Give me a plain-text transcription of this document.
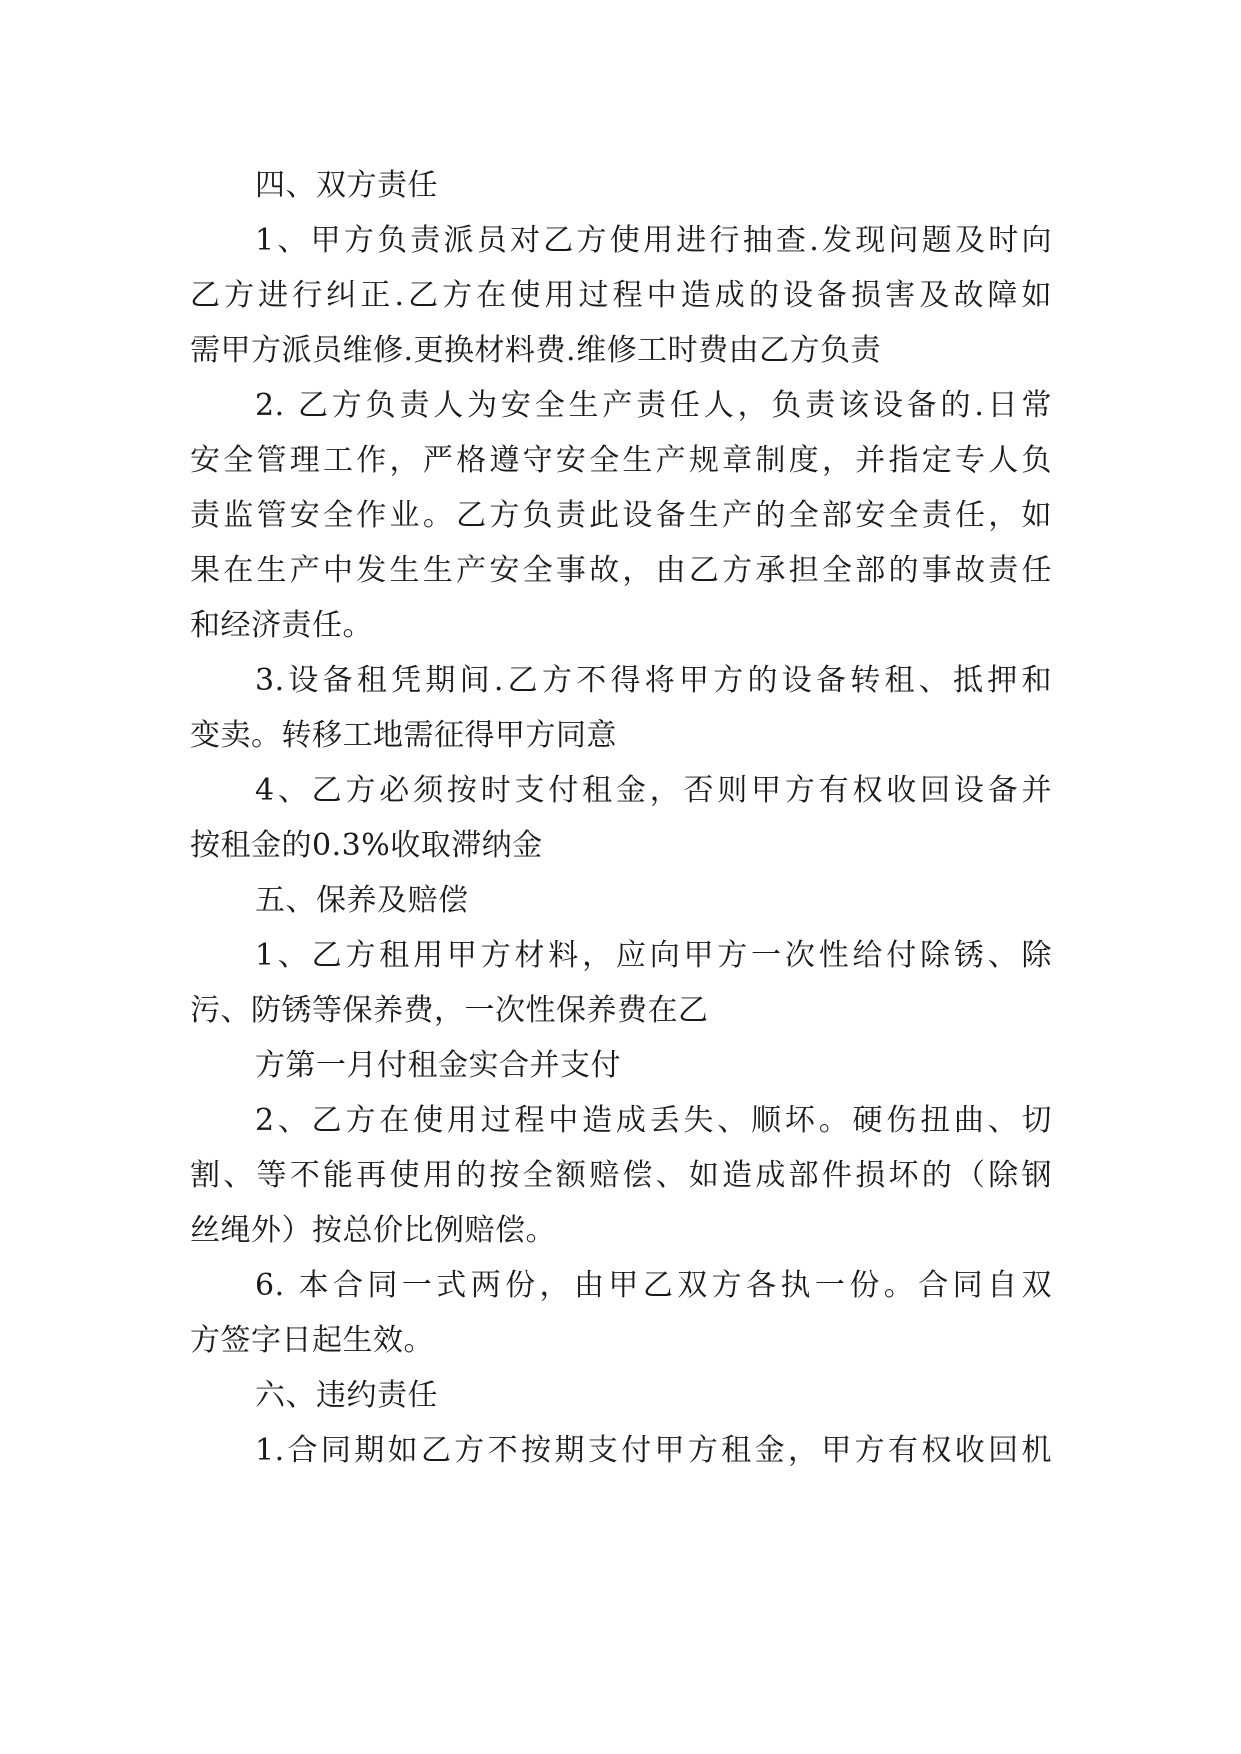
四、双方责任
1、甲方负责派员对乙方使用进行抽查.发现问题及时向
乙方进行纠正.乙方在使用过程中造成的设备损害及故障如
需甲方派员维修.更换材料费.维修工时费由乙方负责
2. 乙方负责人为安全生产责任人，负责该设备的.日常
安全管理工作，严格遵守安全生产规章制度，并指定专人负
责监管安全作业。乙方负责此设备生产的全部安全责任，如
果在生产中发生生产安全事故，由乙方承担全部的事故责任
和经济责任。
3.设备租凭期间.乙方不得将甲方的设备转租、抵押和
变卖。转移工地需征得甲方同意
4、乙方必须按时支付租金，否则甲方有权收回设备并
按租金的0.3%收取滞纳金
五、保养及赔偿
1、乙方租用甲方材料，应向甲方一次性给付除锈、除
污、防锈等保养费，一次性保养费在乙
方第一月付租金实合并支付
2、乙方在使用过程中造成丢失、顺坏。硬伤扭曲、切
割、等不能再使用的按全额赔偿、如造成部件损坏的（除钢
丝绳外）按总价比例赔偿。
6. 本合同一式两份，由甲乙双方各执一份。合同自双
方签字日起生效。
六、违约责任
1.合同期如乙方不按期支付甲方租金，甲方有权收回机
